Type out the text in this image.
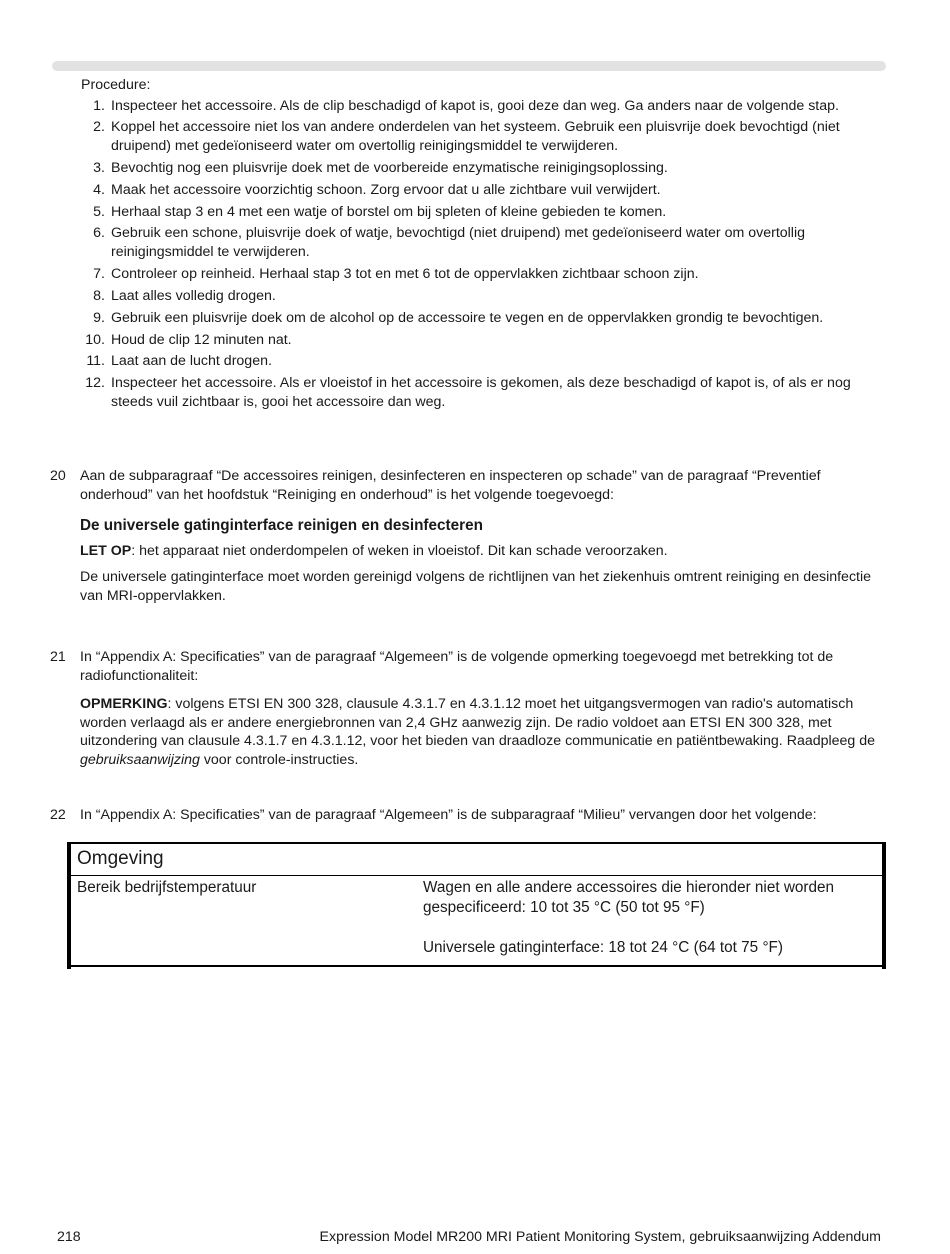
Procedure:

1. Inspecteer het accessoire. Als de clip beschadigd of kapot is, gooi deze dan weg. Ga anders naar de volgende stap.
2. Koppel het accessoire niet los van andere onderdelen van het systeem. Gebruik een pluisvrije doek bevochtigd (niet druipend) met gedeïoniseerd water om overtollig reinigingsmiddel te verwijderen.
3. Bevochtig nog een pluisvrije doek met de voorbereide enzymatische reinigingsoplossing.
4. Maak het accessoire voorzichtig schoon. Zorg ervoor dat u alle zichtbare vuil verwijdert.
5. Herhaal stap 3 en 4 met een watje of borstel om bij spleten of kleine gebieden te komen.
6. Gebruik een schone, pluisvrije doek of watje, bevochtigd (niet druipend) met gedeïoniseerd water om overtollig reinigingsmiddel te verwijderen.
7. Controleer op reinheid. Herhaal stap 3 tot en met 6 tot de oppervlakken zichtbaar schoon zijn.
8. Laat alles volledig drogen.
9. Gebruik een pluisvrije doek om de alcohol op de accessoire te vegen en de oppervlakken grondig te bevochtigen.
10. Houd de clip 12 minuten nat.
11. Laat aan de lucht drogen.
12. Inspecteer het accessoire. Als er vloeistof in het accessoire is gekomen, als deze beschadigd of kapot is, of als er nog steeds vuil zichtbaar is, gooi het accessoire dan weg.
20 Aan de subparagraaf “De accessoires reinigen, desinfecteren en inspecteren op schade” van de paragraaf “Preventief onderhoud” van het hoofdstuk “Reiniging en onderhoud” is het volgende toegevoegd:

De universele gatinginterface reinigen en desinfecteren

LET OP: het apparaat niet onderdompelen of weken in vloeistof. Dit kan schade veroorzaken.

De universele gatinginterface moet worden gereinigd volgens de richtlijnen van het ziekenhuis omtrent reiniging en desinfectie van MRI-oppervlakken.

21 In “Appendix A: Specificaties” van de paragraaf “Algemeen” is de volgende opmerking toegevoegd met betrekking tot de radiofunctionaliteit:

OPMERKING: volgens ETSI EN 300 328, clausule 4.3.1.7 en 4.3.1.12 moet het uitgangsvermogen van radio's automatisch worden verlaagd als er andere energiebronnen van 2,4 GHz aanwezig zijn. De radio voldoet aan ETSI EN 300 328, met uitzondering van clausule 4.3.1.7 en 4.3.1.12, voor het bieden van draadloze communicatie en patiëntbewaking. Raadpleeg de gebruiksaanwijzing voor controle-instructies.

22 In “Appendix A: Specificaties” van de paragraaf “Algemeen” is de subparagraaf “Milieu” vervangen door het volgende:

Omgeving
Bereik bedrijfstemperatuur	Wagen en alle andere accessoires die hieronder niet worden gespecificeerd: 10 tot 35 °C (50 tot 95 °F)

Universele gatinginterface: 18 tot 24 °C (64 tot 75 °F)

218	Expression Model MR200 MRI Patient Monitoring System, gebruiksaanwijzing Addendum
